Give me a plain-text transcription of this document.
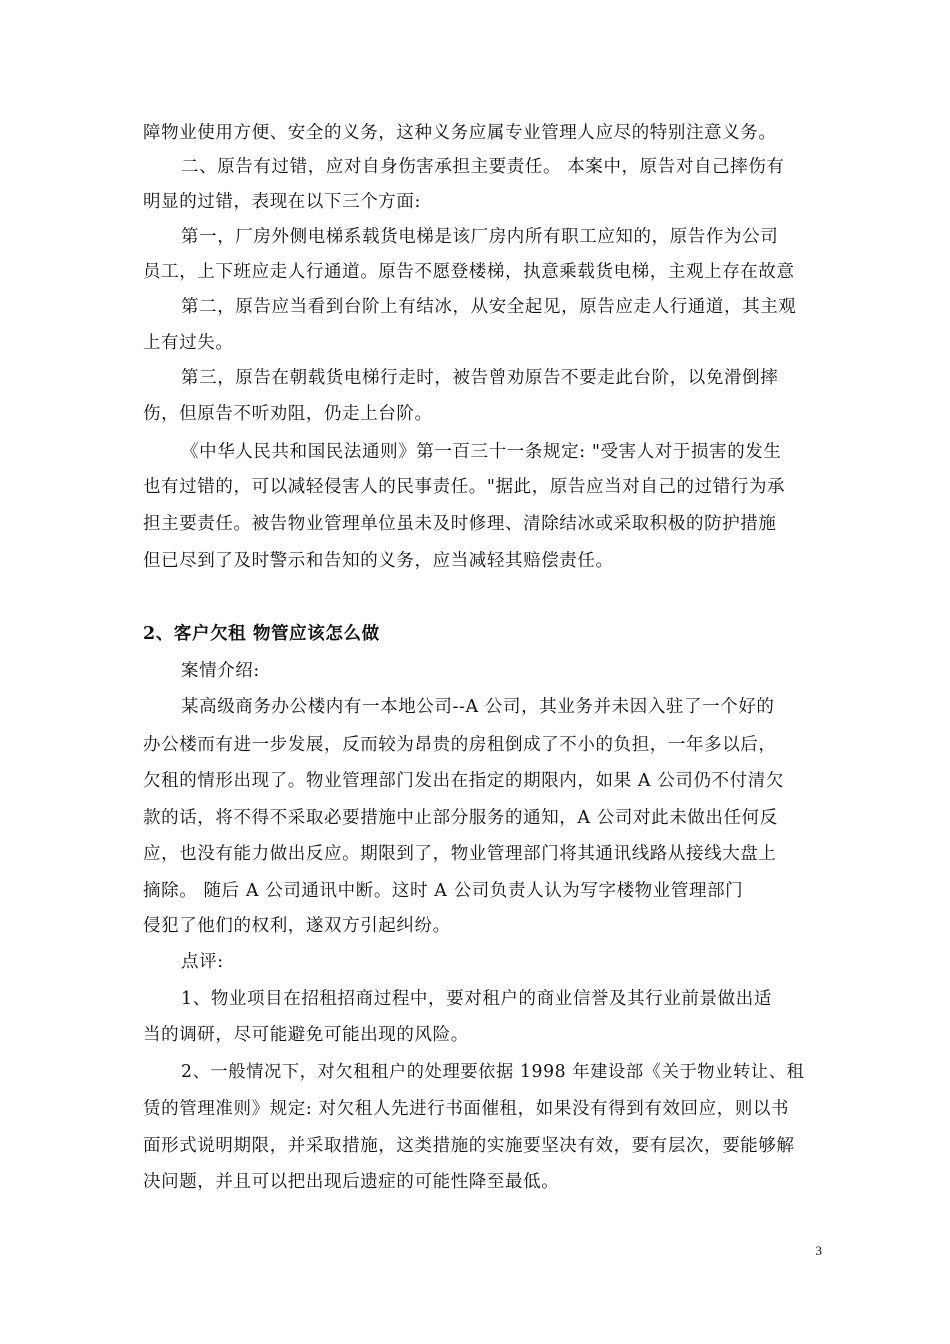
障物业使用方便、安全的义务，这种义务应属专业管理人应尽的特别注意义务。
二、原告有过错，应对自身伤害承担主要责任。 本案中，原告对自己摔伤有
明显的过错，表现在以下三个方面:
第一，厂房外侧电梯系载货电梯是该厂房内所有职工应知的，原告作为公司
员工，上下班应走人行通道。原告不愿登楼梯，执意乘载货电梯，主观上存在故意
第二，原告应当看到台阶上有结冰，从安全起见，原告应走人行通道，其主观
上有过失。
第三，原告在朝载货电梯行走时，被告曾劝原告不要走此台阶，以免滑倒摔
伤，但原告不听劝阻，仍走上台阶。
《中华人民共和国民法通则》第一百三十一条规定: "受害人对于损害的发生
也有过错的，可以减轻侵害人的民事责任。"据此，原告应当对自己的过错行为承
担主要责任。被告物业管理单位虽未及时修理、清除结冰或采取积极的防护措施
但已尽到了及时警示和告知的义务，应当减轻其赔偿责任。
2、客户欠租 物管应该怎么做
案情介绍:
某高级商务办公楼内有一本地公司--A 公司，其业务并未因入驻了一个好的
办公楼而有进一步发展，反而较为昂贵的房租倒成了不小的负担，一年多以后，
欠租的情形出现了。物业管理部门发出在指定的期限内，如果 A 公司仍不付清欠
款的话，将不得不采取必要措施中止部分服务的通知，A 公司对此未做出任何反
应，也没有能力做出反应。期限到了，物业管理部门将其通讯线路从接线大盘上
摘除。 随后 A 公司通讯中断。这时 A 公司负责人认为写字楼物业管理部门
侵犯了他们的权利，遂双方引起纠纷。
点评:
1、物业项目在招租招商过程中，要对租户的商业信誉及其行业前景做出适
当的调研，尽可能避免可能出现的风险。
2、一般情况下，对欠租租户的处理要依据 1998 年建设部《关于物业转让、租
赁的管理准则》规定: 对欠租人先进行书面催租，如果没有得到有效回应，则以书
面形式说明期限，并采取措施，这类措施的实施要坚决有效，要有层次，要能够解
决问题，并且可以把出现后遗症的可能性降至最低。
3
